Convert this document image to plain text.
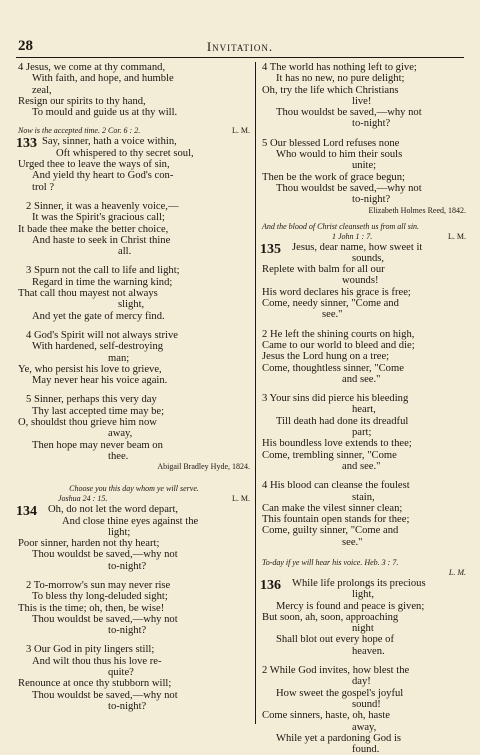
28	Invitation.
4 Jesus, we come at thy command,
With faith, and hope, and humble
zeal,
Resign our spirits to thy hand,
To mould and guide us at thy will.
Now is the accepted time. 2 Cor. 6 : 2.	L. M.
133 Say, sinner, hath a voice within,
Oft whispered to thy secret soul,
Urged thee to leave the ways of sin,
And yield thy heart to God's con-
trol ?
2 Sinner, it was a heavenly voice,—
It was the Spirit's gracious call;
It bade thee make the better choice,
And haste to seek in Christ thine
all.
3 Spurn not the call to life and light;
Regard in time the warning kind;
That call thou mayest not always
slight,
And yet the gate of mercy find.
4 God's Spirit will not always strive
With hardened, self-destroying
man;
Ye, who persist his love to grieve,
May never hear his voice again.
5 Sinner, perhaps this very day
Thy last accepted time may be;
O, shouldst thou grieve him now
away,
Then hope may never beam on
thee.
Abigail Bradley Hyde, 1824.
Choose you this day whom ye will serve.
Joshua 24 : 15.	L. M.
134 Oh, do not let the word depart,
And close thine eyes against the
light;
Poor sinner, harden not thy heart;
Thou wouldst be saved,—why not
to-night?
2 To-morrow's sun may never rise
To bless thy long-deluded sight;
This is the time; oh, then, be wise!
Thou wouldst be saved,—why not
to-night?
3 Our God in pity lingers still;
And wilt thou thus his love re-
quite?
Renounce at once thy stubborn will;
Thou wouldst be saved,—why not
to-night?
4 The world has nothing left to give;
It has no new, no pure delight;
Oh, try the life which Christians
live!
Thou wouldst be saved,—why not
to-night?
5 Our blessed Lord refuses none
Who would to him their souls
unite;
Then be the work of grace begun;
Thou wouldst be saved,—why not
to-night?
Elizabeth Holmes Reed, 1842.
And the blood of Christ cleanseth us from all sin.
1 John 1 : 7.	L. M.
135 Jesus, dear name, how sweet it
sounds,
Replete with balm for all our
wounds!
His word declares his grace is free;
Come, needy sinner, "Come and
see."
2 He left the shining courts on high,
Came to our world to bleed and die;
Jesus the Lord hung on a tree;
Come, thoughtless sinner, "Come
and see."
3 Your sins did pierce his bleeding
heart,
Till death had done its dreadful
part;
His boundless love extends to thee;
Come, trembling sinner, "Come
and see."
4 His blood can cleanse the foulest
stain,
Can make the vilest sinner clean;
This fountain open stands for thee;
Come, guilty sinner, "Come and
see."
To-day if ye will hear his voice. Heb. 3 : 7.
L. M.
136 While life prolongs its precious
light,
Mercy is found and peace is given;
But soon, ah, soon, approaching
night
Shall blot out every hope of
heaven.
2 While God invites, how blest the
day!
How sweet the gospel's joyful
sound!
Come sinners, haste, oh, haste
away,
While yet a pardoning God is
found.
